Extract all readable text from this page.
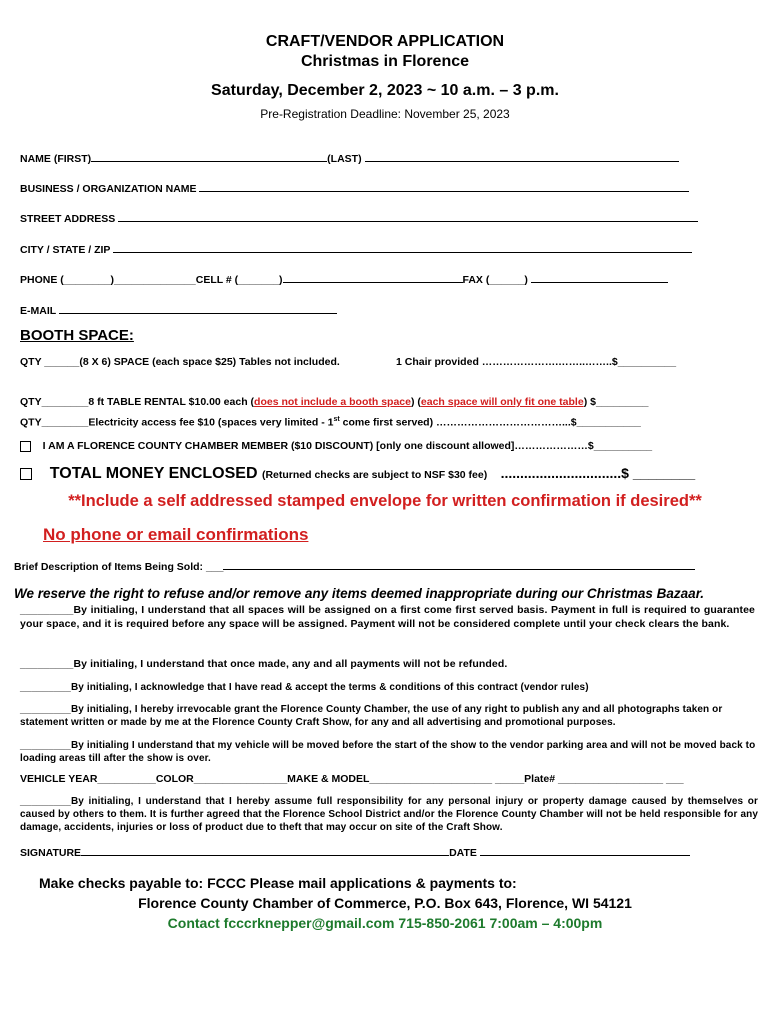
CRAFT/VENDOR APPLICATION
Christmas in Florence
Saturday, December 2, 2023 ~ 10 a.m. – 3 p.m.
Pre-Registration Deadline: November 25, 2023
NAME (FIRST)	(LAST)
BUSINESS / ORGANIZATION NAME
STREET ADDRESS
CITY / STATE / ZIP
PHONE (________)______________CELL # (_______)	FAX (______)
E-MAIL
BOOTH SPACE:
QTY ______(8 X 6) SPACE (each space $25) Tables not included.	1 Chair provided ………………….……..……..$__________
QTY________8 ft TABLE RENTAL $10.00 each (does not include a booth space) (each space will only fit one table) $_________
QTY________Electricity access fee $10 (spaces very limited - 1st come first served) ………………………………...$___________
I AM A FLORENCE COUNTY CHAMBER MEMBER ($10 DISCOUNT) [only one discount allowed]…………………$__________
TOTAL MONEY ENCLOSED (Returned checks are subject to NSF $30 fee) ...............................$ ________
**Include a self addressed stamped envelope for written confirmation if desired**
No phone or email confirmations
Brief Description of Items Being Sold: ___
We reserve the right to refuse and/or remove any items deemed inappropriate during our Christmas Bazaar.
_________By initialing, I understand that all spaces will be assigned on a first come first served basis. Payment in full is required to guarantee your space, and it is required before any space will be assigned. Payment will not be considered complete until your check clears the bank.
_________By initialing, I understand that once made, any and all payments will not be refunded.
_________By initialing, I acknowledge that I have read & accept the terms & conditions of this contract (vendor rules)
_________By initialing, I hereby irrevocable grant the Florence County Chamber, the use of any right to publish any and all photographs taken or statement written or made by me at the Florence County Craft Show, for any and all advertising and promotional purposes.
_________By initialing I understand that my vehicle will be moved before the start of the show to the vendor parking area and will not be moved back to loading areas till after the show is over.
VEHICLE YEAR__________COLOR________________MAKE & MODEL_____________________ _____Plate# __________________ ___
_________By initialing, I understand that I hereby assume full responsibility for any personal injury or property damage caused by themselves or caused by others to them. It is further agreed that the Florence School District and/or the Florence County Chamber will not be held responsible for any damage, accidents, injuries or loss of product due to theft that may occur on site of the Craft Show.
SIGNATURE	DATE
Make checks payable to: FCCC Please mail applications & payments to:
Florence County Chamber of Commerce, P.O. Box 643, Florence, WI 54121
Contact fcccrknepper@gmail.com 715-850-2061 7:00am – 4:00pm
